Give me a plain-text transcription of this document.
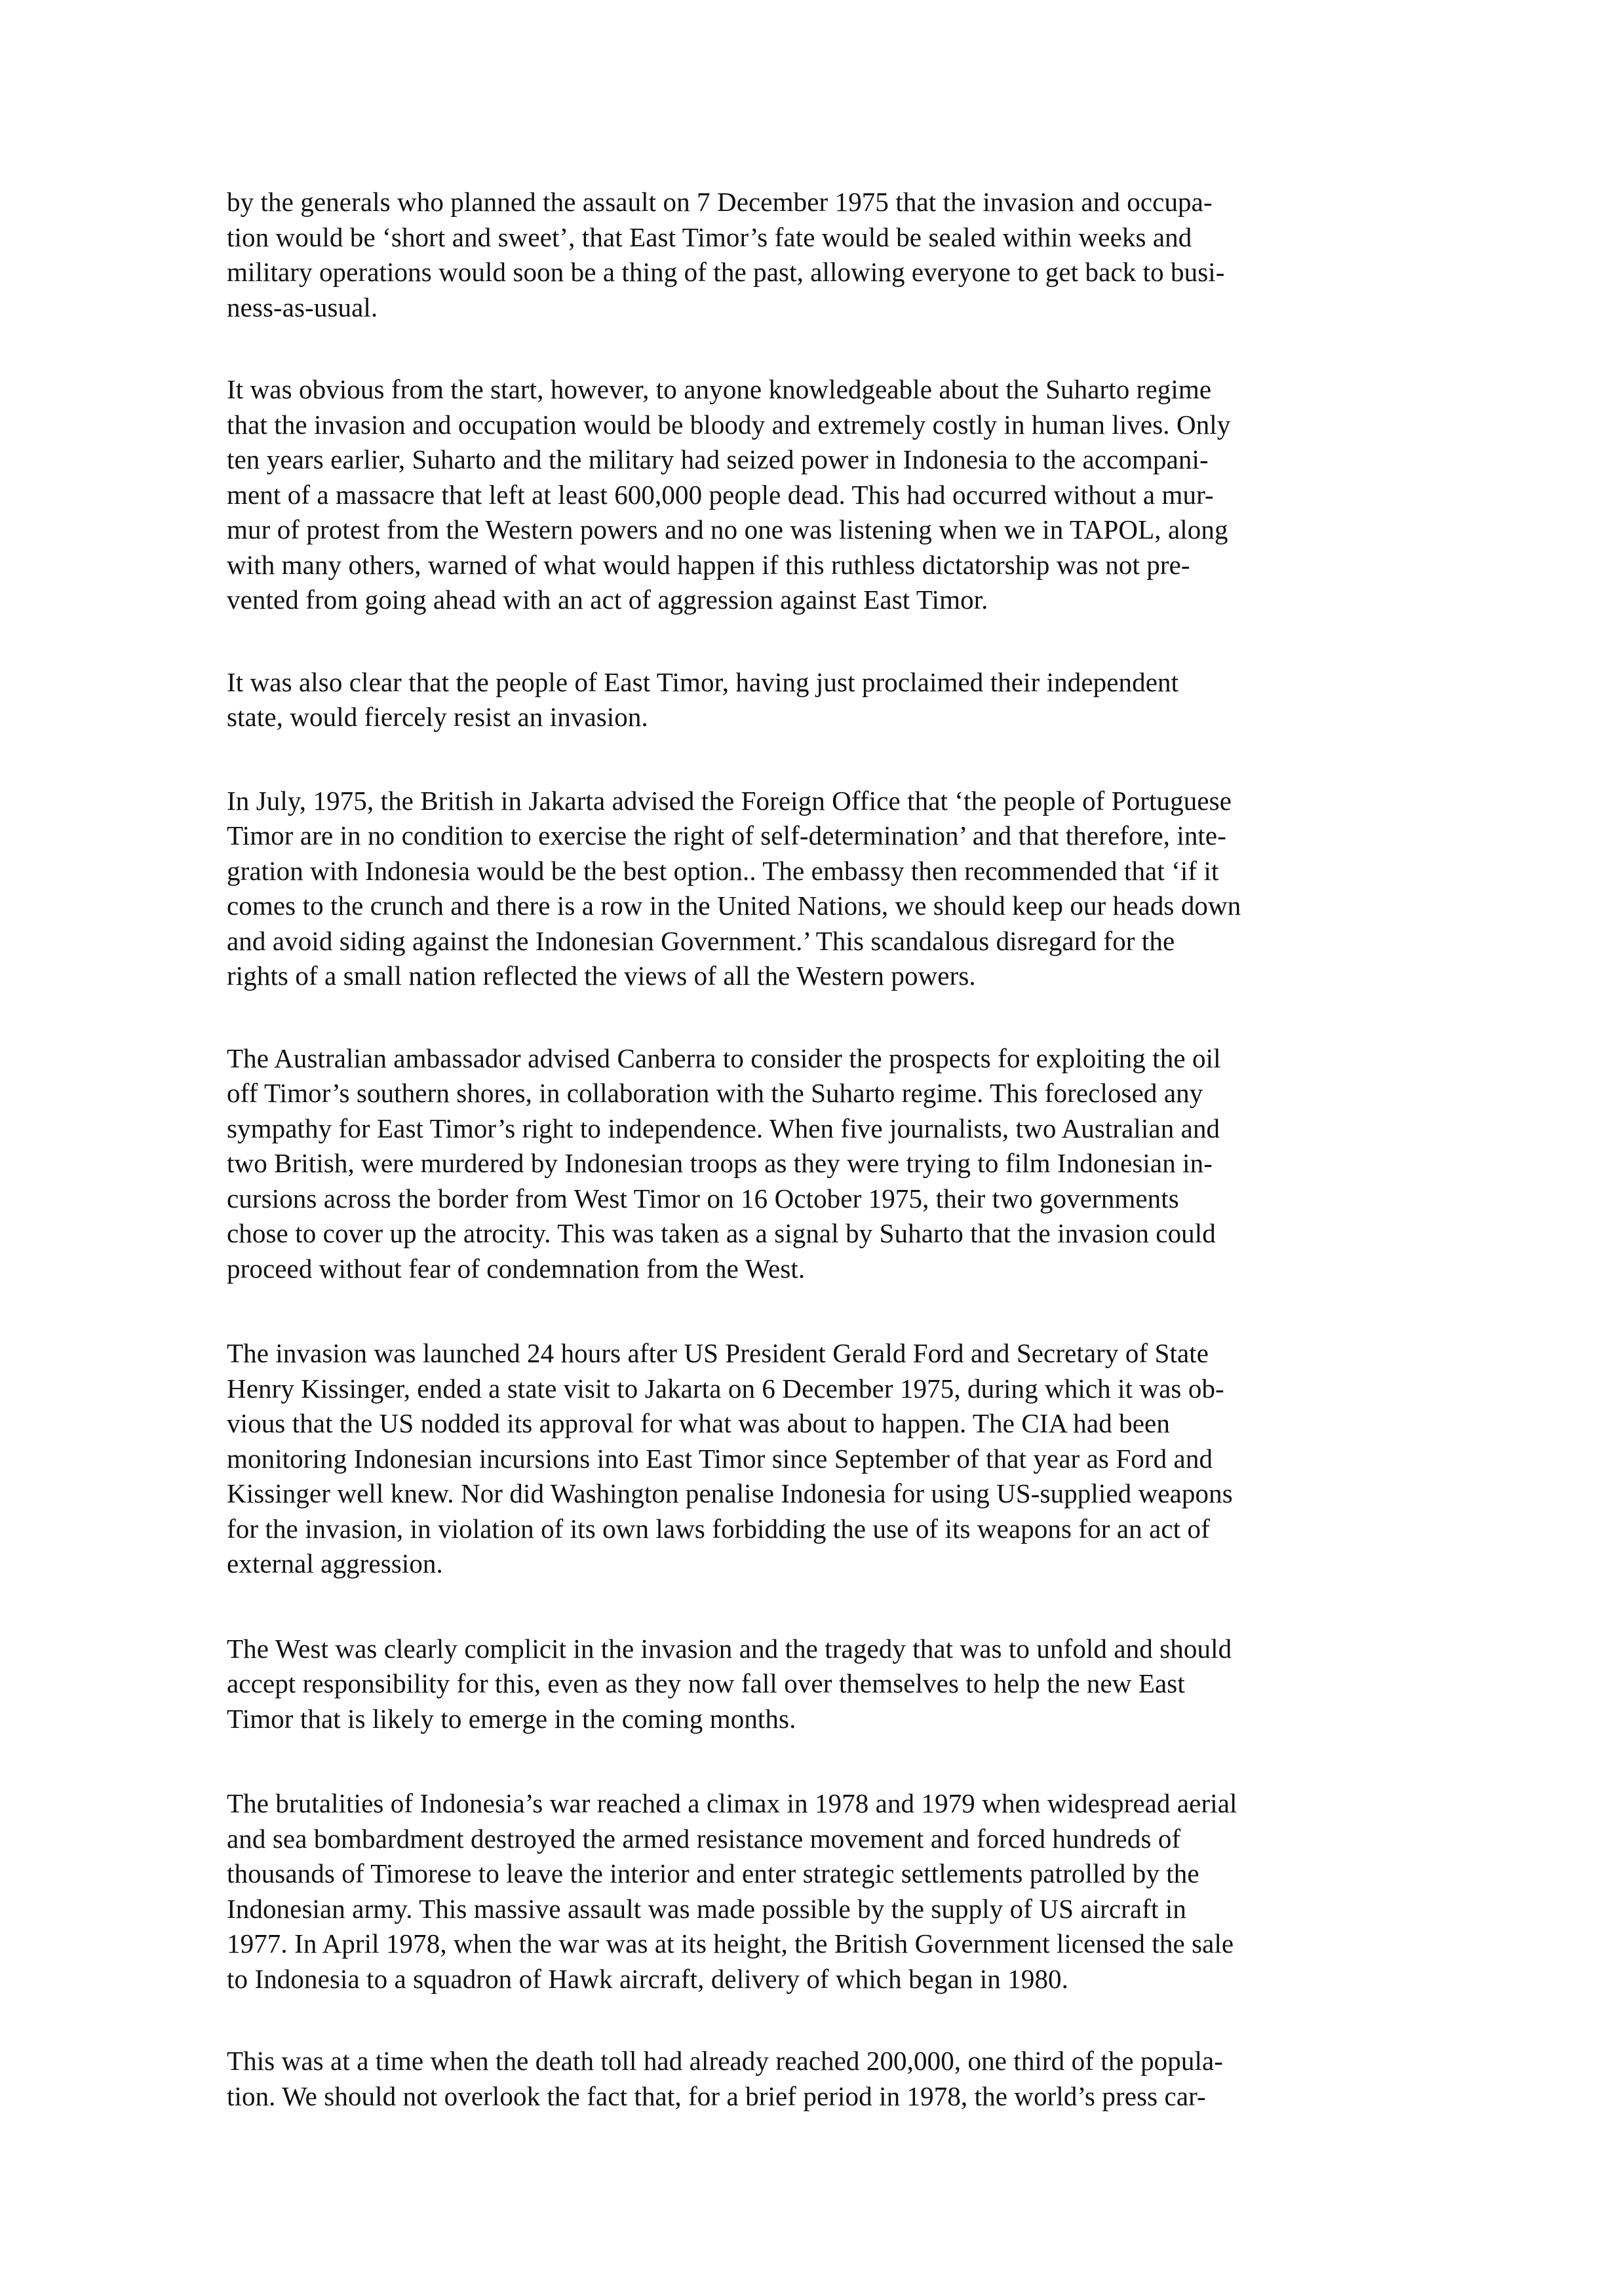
by the generals who planned the assault on 7 December 1975 that the invasion and occupa-
tion would be ‘short and sweet’, that East Timor’s fate would be sealed within weeks and
military operations would soon be a thing of the past, allowing everyone to get back to busi-
ness-as-usual.

It was obvious from the start, however, to anyone knowledgeable about the Suharto regime
that the invasion and occupation would be bloody and extremely costly in human lives. Only
ten years earlier, Suharto and the military had seized power in Indonesia to the accompani-
ment of a massacre that left at least 600,000 people dead. This had occurred without a mur-
mur of protest from the Western powers and no one was listening when we in TAPOL, along
with many others, warned of what would happen if this ruthless dictatorship was not pre-
vented from going ahead with an act of aggression against East Timor.

It was also clear that the people of East Timor, having just proclaimed their independent
state, would fiercely resist an invasion.

In July, 1975, the British in Jakarta advised the Foreign Office that ‘the people of Portuguese
Timor are in no condition to exercise the right of self-determination’ and that therefore, inte-
gration with Indonesia would be the best option.. The embassy then recommended that ‘if it
comes to the crunch and there is a row in the United Nations, we should keep our heads down
and avoid siding against the Indonesian Government.’ This scandalous disregard for the
rights of a small nation reflected the views of all the Western powers.

The Australian ambassador advised Canberra to consider the prospects for exploiting the oil
off Timor’s southern shores, in collaboration with the Suharto regime. This foreclosed any
sympathy for East Timor’s right to independence. When five journalists, two Australian and
two British, were murdered by Indonesian troops as they were trying to film Indonesian in-
cursions across the border from West Timor on 16 October 1975, their two governments
chose to cover up the atrocity. This was taken as a signal by Suharto that the invasion could
proceed without fear of condemnation from the West.

The invasion was launched 24 hours after US President Gerald Ford and Secretary of State
Henry Kissinger, ended a state visit to Jakarta on 6 December 1975, during which it was ob-
vious that the US nodded its approval for what was about to happen. The CIA had been
monitoring Indonesian incursions into East Timor since September of that year as Ford and
Kissinger well knew. Nor did Washington penalise Indonesia for using US-supplied weapons
for the invasion, in violation of its own laws forbidding the use of its weapons for an act of
external aggression.

The West was clearly complicit in the invasion and the tragedy that was to unfold and should
accept responsibility for this, even as they now fall over themselves to help the new East
Timor that is likely to emerge in the coming months.

The brutalities of Indonesia’s war reached a climax in 1978 and 1979 when widespread aerial
and sea bombardment destroyed the armed resistance movement and forced hundreds of
thousands of Timorese to leave the interior and enter strategic settlements patrolled by the
Indonesian army. This massive assault was made possible by the supply of US aircraft in
1977. In April 1978, when the war was at its height, the British Government licensed the sale
to Indonesia to a squadron of Hawk aircraft, delivery of which began in 1980.

This was at a time when the death toll had already reached 200,000, one third of the popula-
tion. We should not overlook the fact that, for a brief period in 1978, the world’s press car-
